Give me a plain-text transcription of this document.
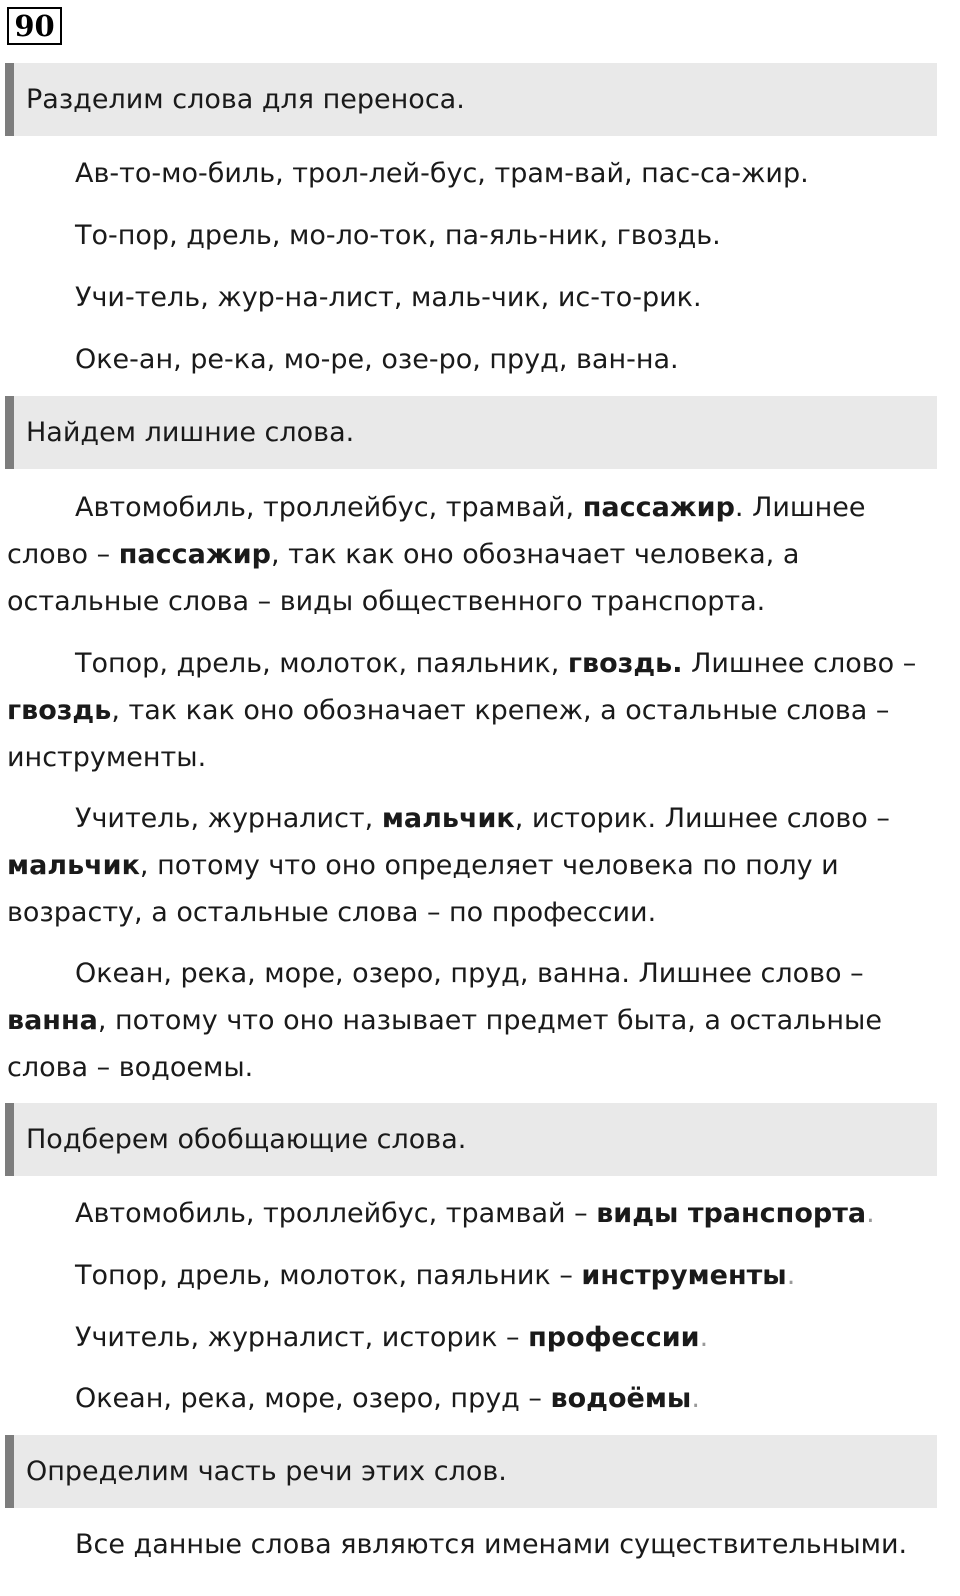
90
Разделим слова для переноса.
Ав-то-мо-биль, трол-лей-бус, трам-вай, пас-са-жир.
То-пор, дрель, мо-ло-ток, па-яль-ник, гвоздь.
Учи-тель, жур-на-лист, маль-чик, ис-то-рик.
Оке-ан, ре-ка, мо-ре, озе-ро, пруд, ван-на.
Найдем лишние слова.
Автомобиль, троллейбус, трамвай, пассажир. Лишнее слово – пассажир, так как оно обозначает человека, а остальные слова – виды общественного транспорта.
Топор, дрель, молоток, паяльник, гвоздь. Лишнее слово – гвоздь, так как оно обозначает крепеж, а остальные слова – инструменты.
Учитель, журналист, мальчик, историк. Лишнее слово – мальчик, потому что оно определяет человека по полу и возрасту, а остальные слова – по профессии.
Океан, река, море, озеро, пруд, ванна. Лишнее слово – ванна, потому что оно называет предмет быта, а остальные слова – водоемы.
Подберем обобщающие слова.
Автомобиль, троллейбус, трамвай – виды транспорта.
Топор, дрель, молоток, паяльник – инструменты.
Учитель, журналист, историк – профессии.
Океан, река, море, озеро, пруд – водоёмы.
Определим часть речи этих слов.
Все данные слова являются именами существительными.
